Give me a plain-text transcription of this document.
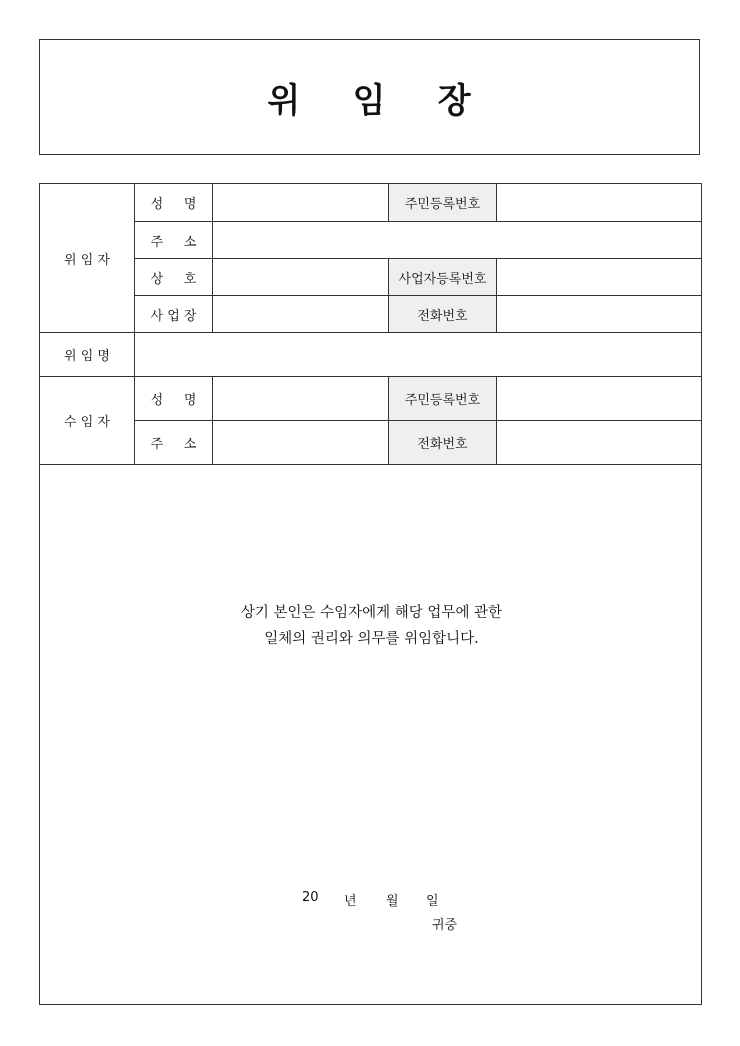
위    임    장
위 임 자
성     명	주민등록번호
주     소
상     호	사업자등록번호
사 업 장	전화번호
위 임 명
수 임 자
성     명	주민등록번호
주     소	전화번호
상기 본인은 수임자에게 해당 업무에 관한
일체의 권리와 의무를 위임합니다.
20	년	월	일
귀중
